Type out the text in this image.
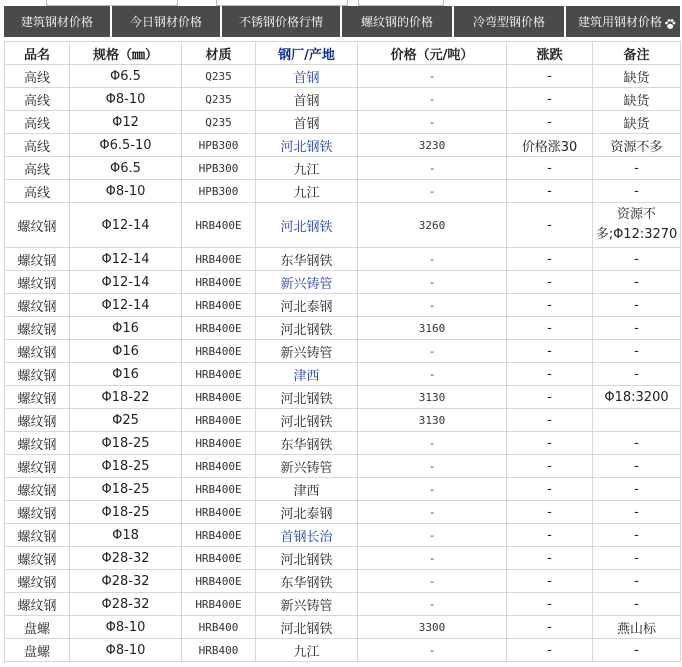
建筑钢材价格	今日钢材价格	不锈钢价格行情	螺纹钢的价格	冷弯型钢价格	建筑用钢材价格
品名	规格（㎜）	材质	钢厂/产地	价格（元/吨）	涨跌	备注
高线	Φ6.5	Q235	首钢	-	-	缺货
高线	Φ8-10	Q235	首钢	-	-	缺货
高线	Φ12	Q235	首钢	-	-	缺货
高线	Φ6.5-10	HPB300	河北钢铁	3230	价格涨30	资源不多
高线	Φ6.5	HPB300	九江	-	-	-
高线	Φ8-10	HPB300	九江	-	-	-
螺纹钢	Φ12-14	HRB400E	河北钢铁	3260	-	资源不多;Φ12:3270
螺纹钢	Φ12-14	HRB400E	东华钢铁	-	-	-
螺纹钢	Φ12-14	HRB400E	新兴铸管	-	-	-
螺纹钢	Φ12-14	HRB400E	河北泰钢	-	-	-
螺纹钢	Φ16	HRB400E	河北钢铁	3160	-	-
螺纹钢	Φ16	HRB400E	新兴铸管	-	-	-
螺纹钢	Φ16	HRB400E	津西	-	-	-
螺纹钢	Φ18-22	HRB400E	河北钢铁	3130	-	Φ18:3200
螺纹钢	Φ25	HRB400E	河北钢铁	3130	-	
螺纹钢	Φ18-25	HRB400E	东华钢铁	-	-	-
螺纹钢	Φ18-25	HRB400E	新兴铸管	-	-	-
螺纹钢	Φ18-25	HRB400E	津西	-	-	-
螺纹钢	Φ18-25	HRB400E	河北泰钢	-	-	-
螺纹钢	Φ18	HRB400E	首钢长治	-	-	-
螺纹钢	Φ28-32	HRB400E	河北钢铁	-	-	-
螺纹钢	Φ28-32	HRB400E	东华钢铁	-	-	-
螺纹钢	Φ28-32	HRB400E	新兴铸管	-	-	-
盘螺	Φ8-10	HRB400	河北钢铁	3300	-	燕山标
盘螺	Φ8-10	HRB400	九江	-	-	-
